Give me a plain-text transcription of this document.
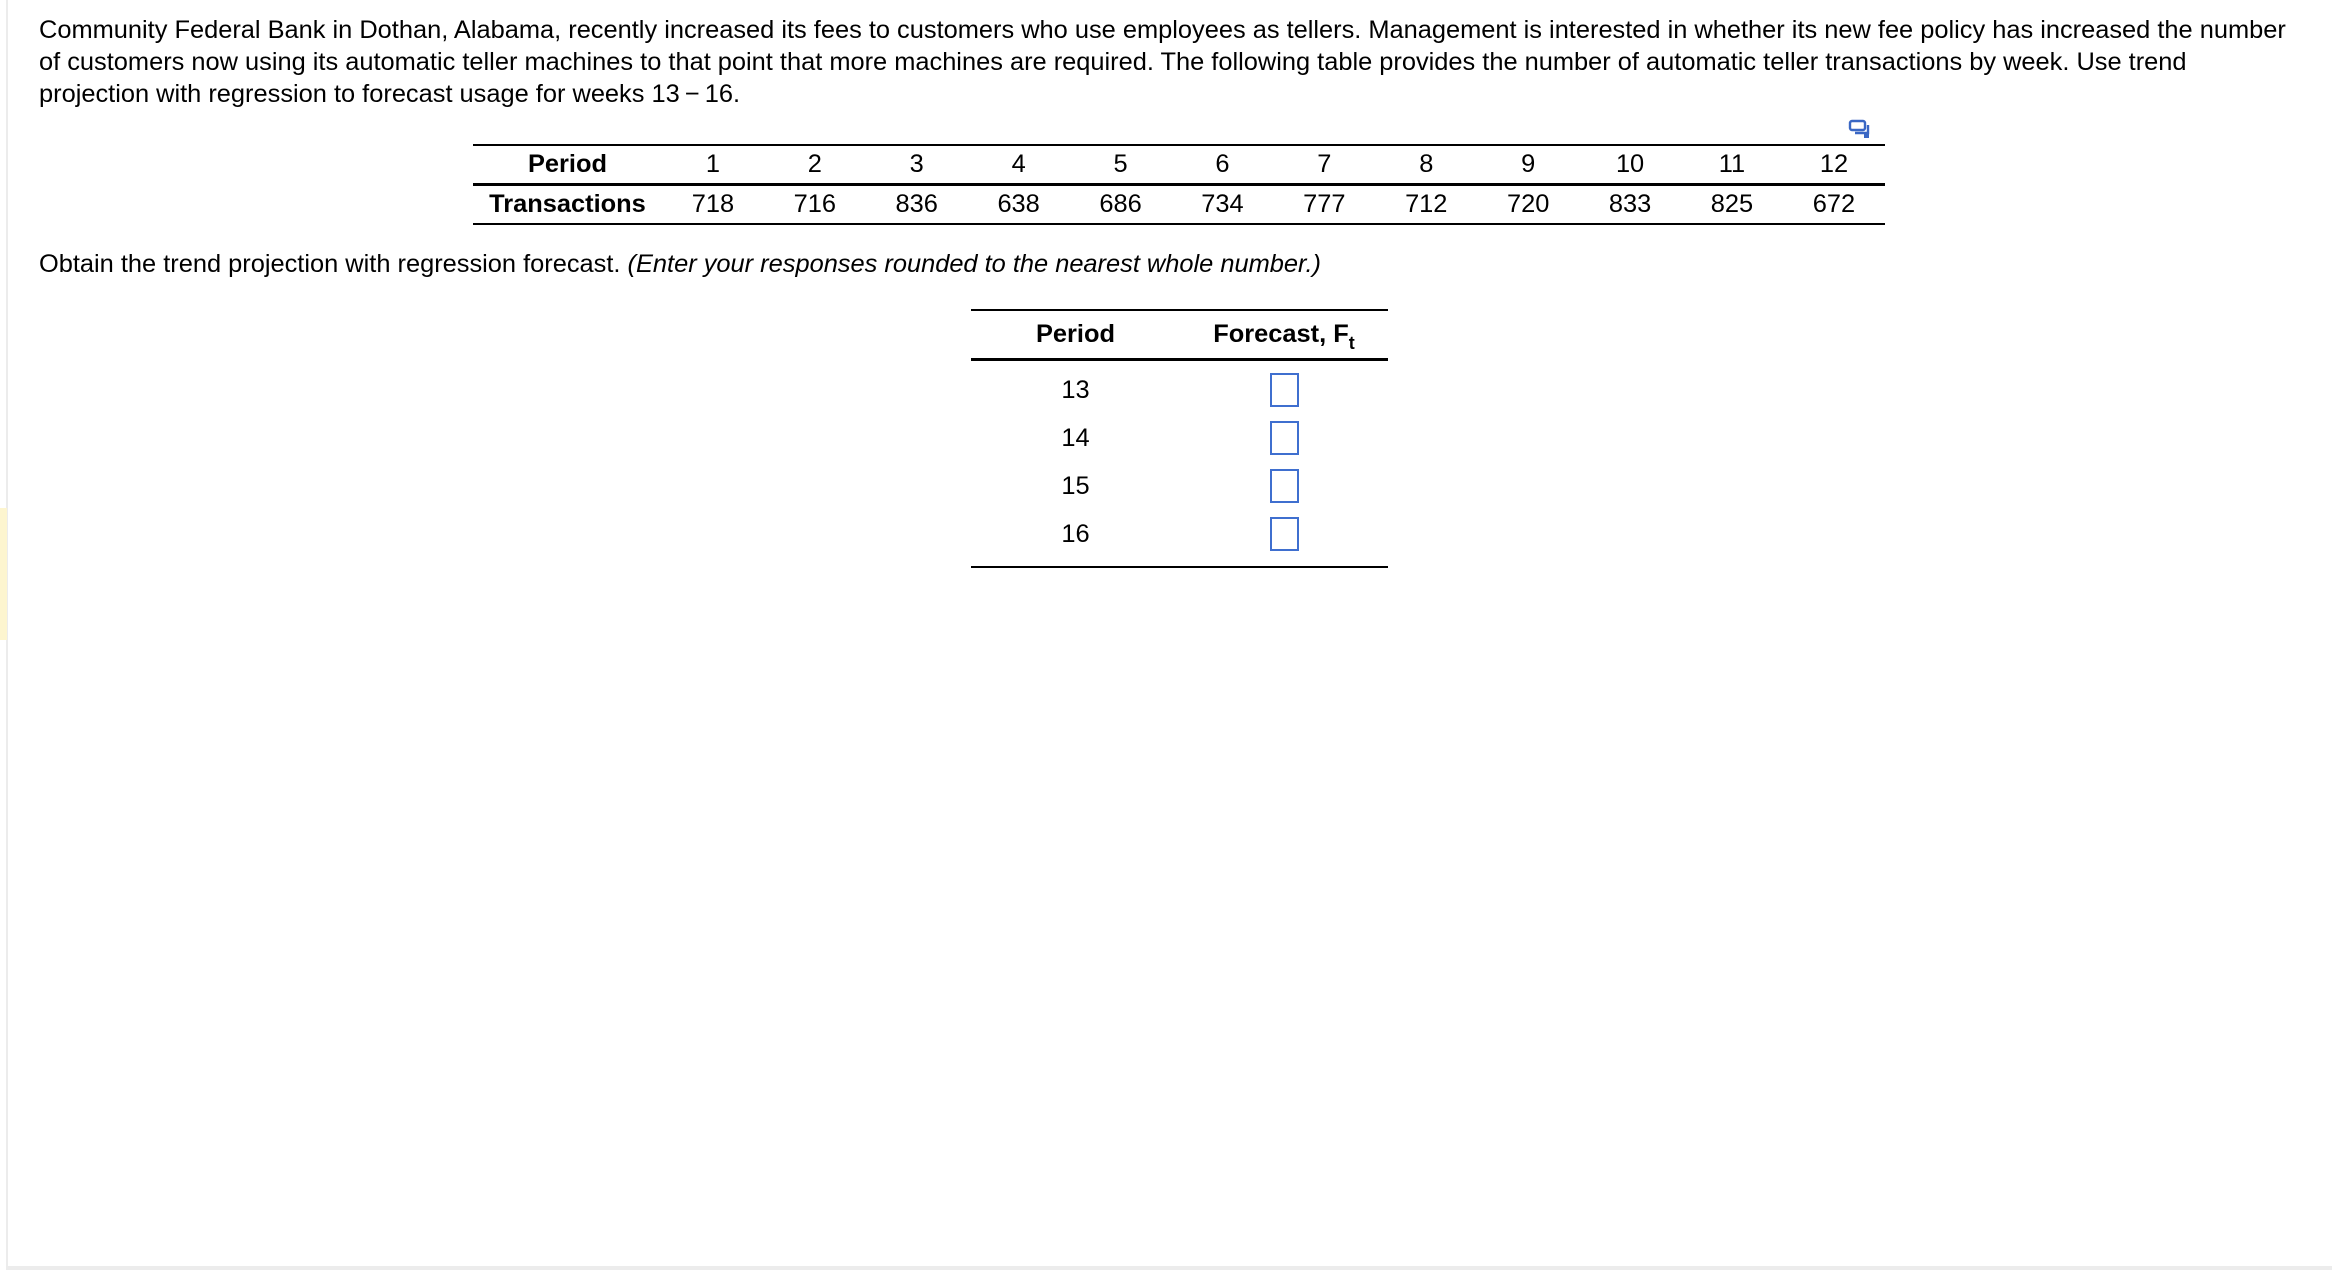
Community Federal Bank in Dothan, Alabama, recently increased its fees to customers who use employees as tellers. Management is interested in whether its new fee policy has increased the number of customers now using its automatic teller machines to that point that more machines are required. The following table provides the number of automatic teller transactions by week. Use trend projection with regression to forecast usage for weeks 13 − 16.
Period	1	2	3	4	5	6	7	8	9	10	11	12
Transactions	718	716	836	638	686	734	777	712	720	833	825	672
Obtain the trend projection with regression forecast. (Enter your responses rounded to the nearest whole number.)
Period	Forecast, $F_t$
13	
14	
15	
16	
